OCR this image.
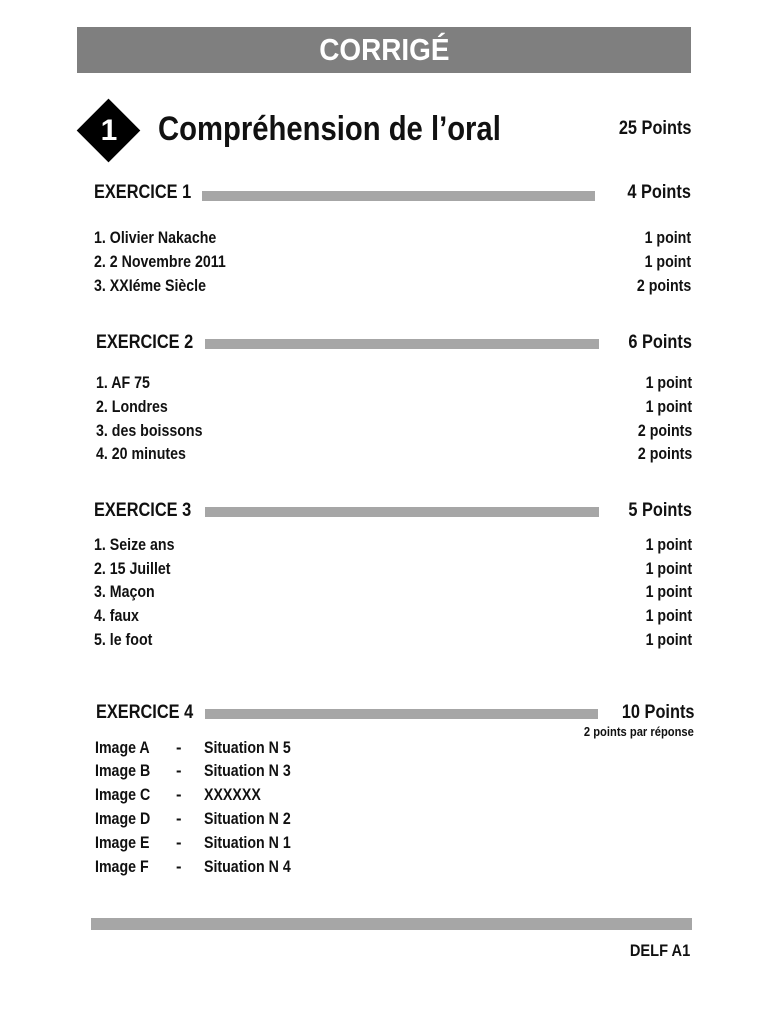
CORRIGÉ
1	Compréhension de l’oral	25 Points
EXERCICE 1	4 Points
1. Olivier Nakache	1 point
2. 2 Novembre 2011	1 point
3. XXIéme Siècle	2 points
EXERCICE 2	6 Points
1. AF 75	1 point
2. Londres	1 point
3. des boissons	2 points
4. 20 minutes	2 points
EXERCICE 3	5 Points
1. Seize ans	1 point
2. 15 Juillet	1 point
3. Maçon	1 point
4. faux	1 point
5. le foot	1 point
EXERCICE 4	10 Points
2 points par réponse
Image A - Situation N 5
Image B - Situation N 3
Image C - XXXXXX
Image D - Situation N 2
Image E - Situation N 1
Image F - Situation N 4
DELF A1
